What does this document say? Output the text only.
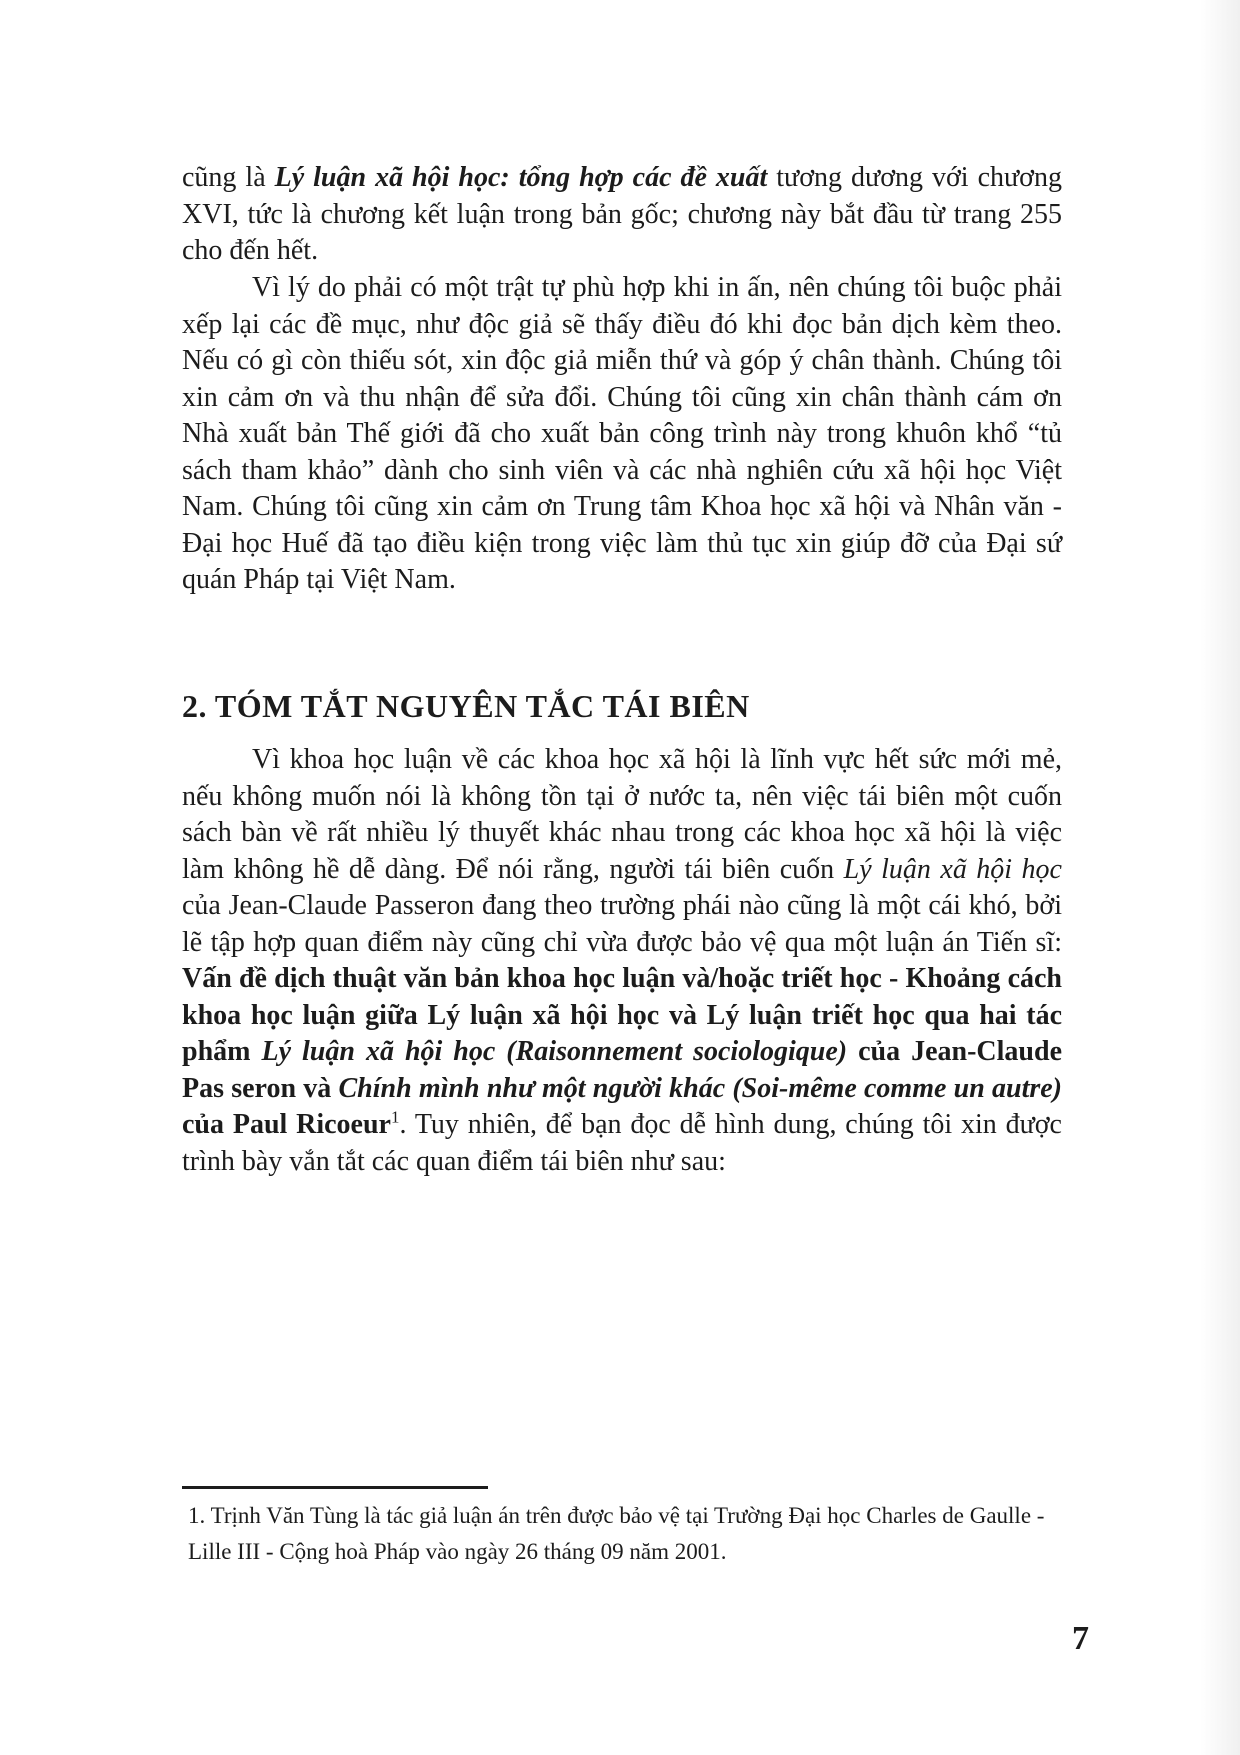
cũng là Lý luận xã hội học: tổng hợp các đề xuất tương dương với chương XVI, tức là chương kết luận trong bản gốc; chương này bắt đầu từ trang 255 cho đến hết.

Vì lý do phải có một trật tự phù hợp khi in ấn, nên chúng tôi buộc phải xếp lại các đề mục, như độc giả sẽ thấy điều đó khi đọc bản dịch kèm theo. Nếu có gì còn thiếu sót, xin độc giả miễn thứ và góp ý chân thành. Chúng tôi xin cảm ơn và thu nhận để sửa đổi. Chúng tôi cũng xin chân thành cám ơn Nhà xuất bản Thế giới đã cho xuất bản công trình này trong khuôn khổ “tủ sách tham khảo” dành cho sinh viên và các nhà nghiên cứu xã hội học Việt Nam. Chúng tôi cũng xin cảm ơn Trung tâm Khoa học xã hội và Nhân văn - Đại học Huế đã tạo điều kiện trong việc làm thủ tục xin giúp đỡ của Đại sứ quán Pháp tại Việt Nam.

2. TÓM TẮT NGUYÊN TẮC TÁI BIÊN

Vì khoa học luận về các khoa học xã hội là lĩnh vực hết sức mới mẻ, nếu không muốn nói là không tồn tại ở nước ta, nên việc tái biên một cuốn sách bàn về rất nhiều lý thuyết khác nhau trong các khoa học xã hội là việc làm không hề dễ dàng. Để nói rằng, người tái biên cuốn Lý luận xã hội học của Jean-Claude Passeron đang theo trường phái nào cũng là một cái khó, bởi lẽ tập hợp quan điểm này cũng chỉ vừa được bảo vệ qua một luận án Tiến sĩ: Vấn đề dịch thuật văn bản khoa học luận và/hoặc triết học - Khoảng cách khoa học luận giữa Lý luận xã hội học và Lý luận triết học qua hai tác phẩm Lý luận xã hội học (Raisonnement sociologique) của Jean-Claude Pas seron và Chính mình như một người khác (Soi-même comme un autre) của Paul Ricoeur$^1$. Tuy nhiên, để bạn đọc dễ hình dung, chúng tôi xin được trình bày vắn tắt các quan điểm tái biên như sau:

1. Trịnh Văn Tùng là tác giả luận án trên được bảo vệ tại Trường Đại học Charles de Gaulle - Lille III - Cộng hoà Pháp vào ngày 26 tháng 09 năm 2001.

7
